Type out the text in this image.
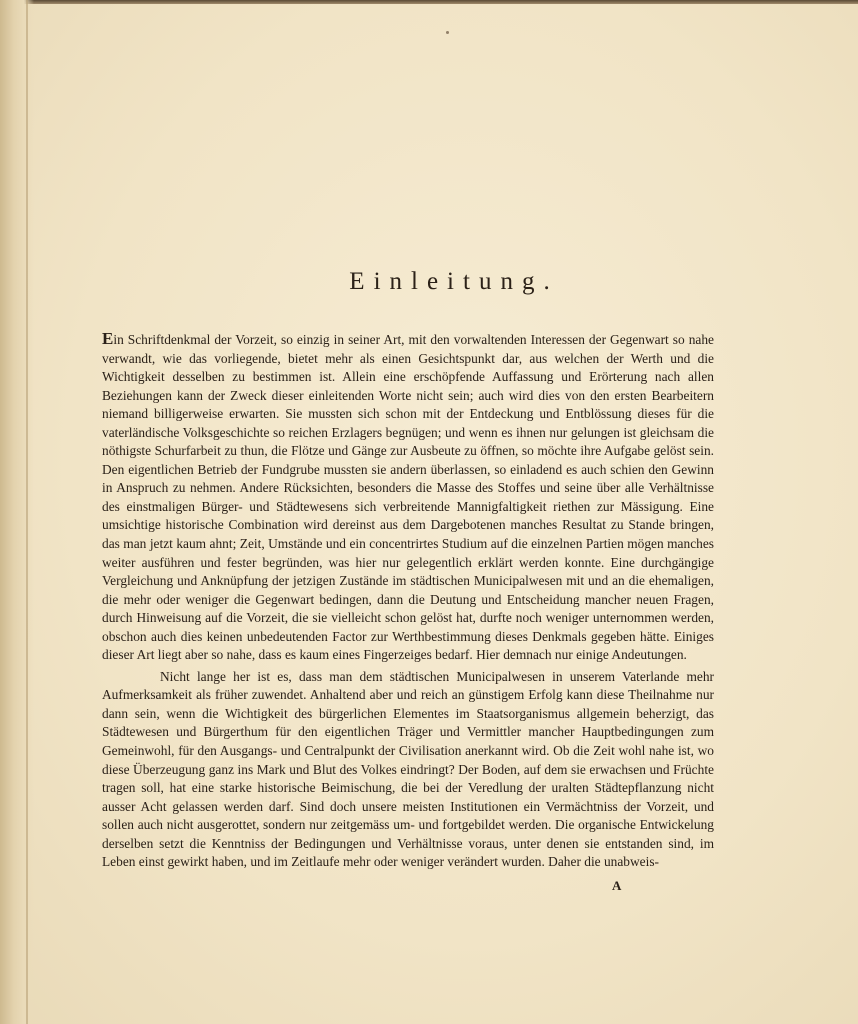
Einleitung.

Ein Schriftdenkmal der Vorzeit, so einzig in seiner Art, mit den vorwaltenden Interessen der Gegenwart so nahe verwandt, wie das vorliegende, bietet mehr als einen Gesichtspunkt dar, aus welchen der Werth und die Wichtigkeit desselben zu bestimmen ist. Allein eine erschöpfende Auffassung und Erörterung nach allen Beziehungen kann der Zweck dieser einleitenden Worte nicht sein; auch wird dies von den ersten Bearbeitern niemand billigerweise erwarten. Sie mussten sich schon mit der Entdeckung und Entblössung dieses für die vaterländische Volksgeschichte so reichen Erzlagers begnügen; und wenn es ihnen nur gelungen ist gleichsam die nöthigste Schurfarbeit zu thun, die Flötze und Gänge zur Ausbeute zu öffnen, so möchte ihre Aufgabe gelöst sein. Den eigentlichen Betrieb der Fundgrube mussten sie andern überlassen, so einladend es auch schien den Gewinn in Anspruch zu nehmen. Andere Rücksichten, besonders die Masse des Stoffes und seine über alle Verhältnisse des einstmaligen Bürger- und Städtewesens sich verbreitende Mannigfaltigkeit riethen zur Mässigung. Eine umsichtige historische Combination wird dereinst aus dem Dargebotenen manches Resultat zu Stande bringen, das man jetzt kaum ahnt; Zeit, Umstände und ein concentrirtes Studium auf die einzelnen Partien mögen manches weiter ausführen und fester begründen, was hier nur gelegentlich erklärt werden konnte. Eine durchgängige Vergleichung und Anknüpfung der jetzigen Zustände im städtischen Municipalwesen mit und an die ehemaligen, die mehr oder weniger die Gegenwart bedingen, dann die Deutung und Entscheidung mancher neuen Fragen, durch Hinweisung auf die Vorzeit, die sie vielleicht schon gelöst hat, durfte noch weniger unternommen werden, obschon auch dies keinen unbedeutenden Factor zur Werthbestimmung dieses Denkmals gegeben hätte. Einiges dieser Art liegt aber so nahe, dass es kaum eines Fingerzeiges bedarf. Hier demnach nur einige Andeutungen.

Nicht lange her ist es, dass man dem städtischen Municipalwesen in unserem Vaterlande mehr Aufmerksamkeit als früher zuwendet. Anhaltend aber und reich an günstigem Erfolg kann diese Theilnahme nur dann sein, wenn die Wichtigkeit des bürgerlichen Elementes im Staatsorganismus allgemein beherzigt, das Städtewesen und Bürgerthum für den eigentlichen Träger und Vermittler mancher Hauptbedingungen zum Gemeinwohl, für den Ausgangs- und Centralpunkt der Civilisation anerkannt wird. Ob die Zeit wohl nahe ist, wo diese Überzeugung ganz ins Mark und Blut des Volkes eindringt? Der Boden, auf dem sie erwachsen und Früchte tragen soll, hat eine starke historische Beimischung, die bei der Veredlung der uralten Städtepflanzung nicht ausser Acht gelassen werden darf. Sind doch unsere meisten Institutionen ein Vermächtniss der Vorzeit, und sollen auch nicht ausgerottet, sondern nur zeitgemäss um- und fortgebildet werden. Die organische Entwickelung derselben setzt die Kenntniss der Bedingungen und Verhältnisse voraus, unter denen sie entstanden sind, im Leben einst gewirkt haben, und im Zeitlaufe mehr oder weniger verändert wurden. Daher die unabweis-

A
